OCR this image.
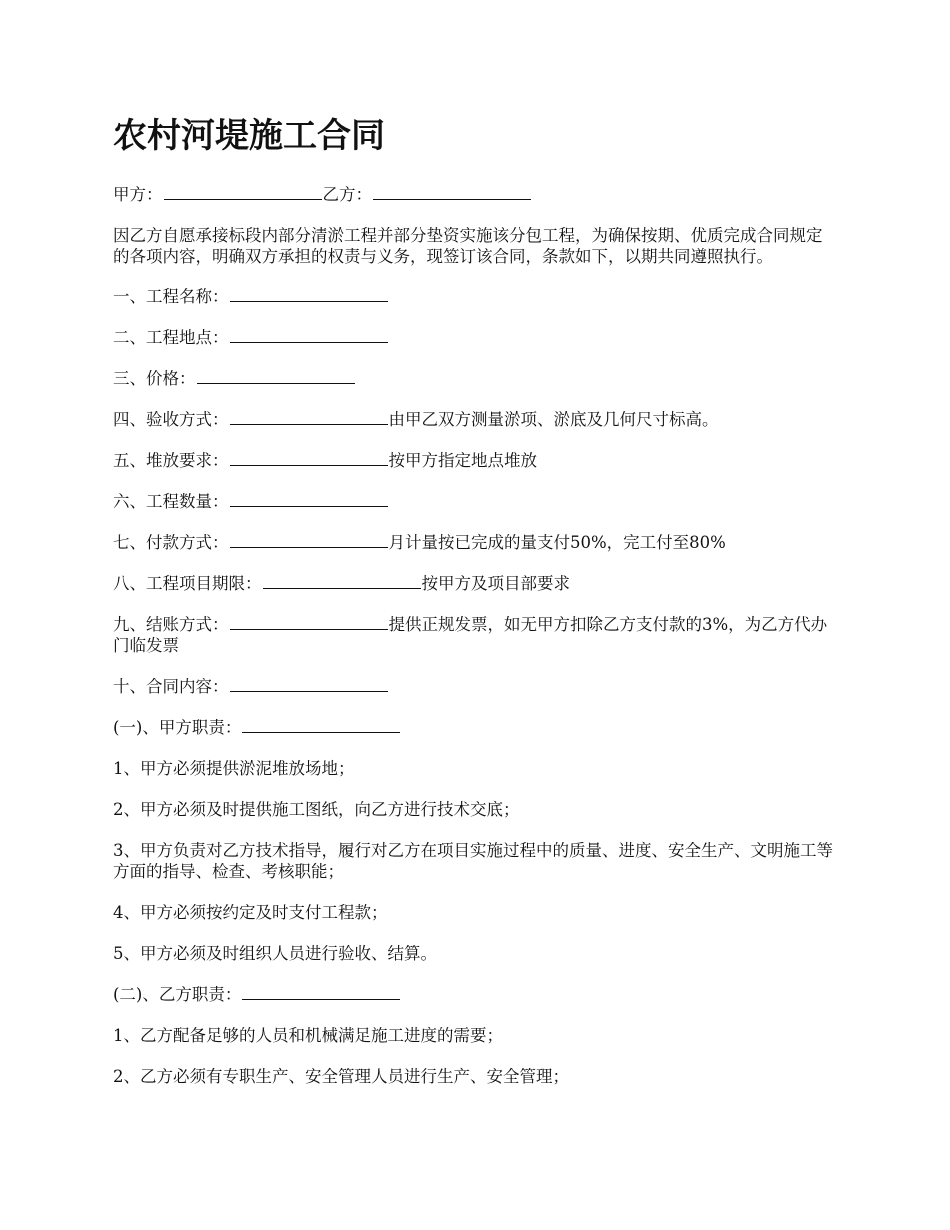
农村河堤施工合同

甲方：	乙方：

因乙方自愿承接标段内部分清淤工程并部分垫资实施该分包工程，为确保按期、优质完成合同规定的各项内容，明确双方承担的权责与义务，现签订该合同，条款如下，以期共同遵照执行。

一、工程名称：

二、工程地点：

三、价格：

四、验收方式：	由甲乙双方测量淤项、淤底及几何尺寸标高。

五、堆放要求：	按甲方指定地点堆放

六、工程数量：

七、付款方式：	月计量按已完成的量支付50%，完工付至80%

八、工程项目期限：	按甲方及项目部要求

九、结账方式：	提供正规发票，如无甲方扣除乙方支付款的3%，为乙方代办门临发票

十、合同内容：

(一)、甲方职责：

1、甲方必须提供淤泥堆放场地；

2、甲方必须及时提供施工图纸，向乙方进行技术交底；

3、甲方负责对乙方技术指导，履行对乙方在项目实施过程中的质量、进度、安全生产、文明施工等方面的指导、检查、考核职能；

4、甲方必须按约定及时支付工程款；

5、甲方必须及时组织人员进行验收、结算。

(二)、乙方职责：

1、乙方配备足够的人员和机械满足施工进度的需要；

2、乙方必须有专职生产、安全管理人员进行生产、安全管理；
